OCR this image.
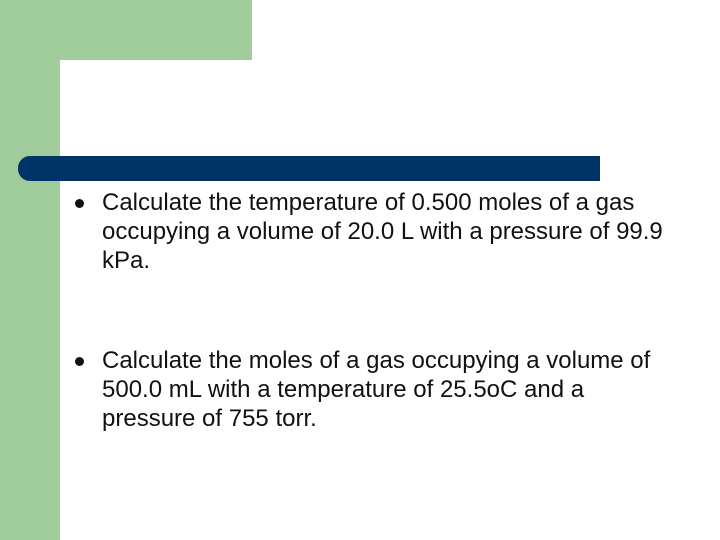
Calculate the temperature of 0.500 moles of a gas occupying a volume of 20.0 L with a pressure of 99.9 kPa.
Calculate the moles of a gas occupying a volume of 500.0 mL with a temperature of 25.5oC and a pressure of 755 torr.
